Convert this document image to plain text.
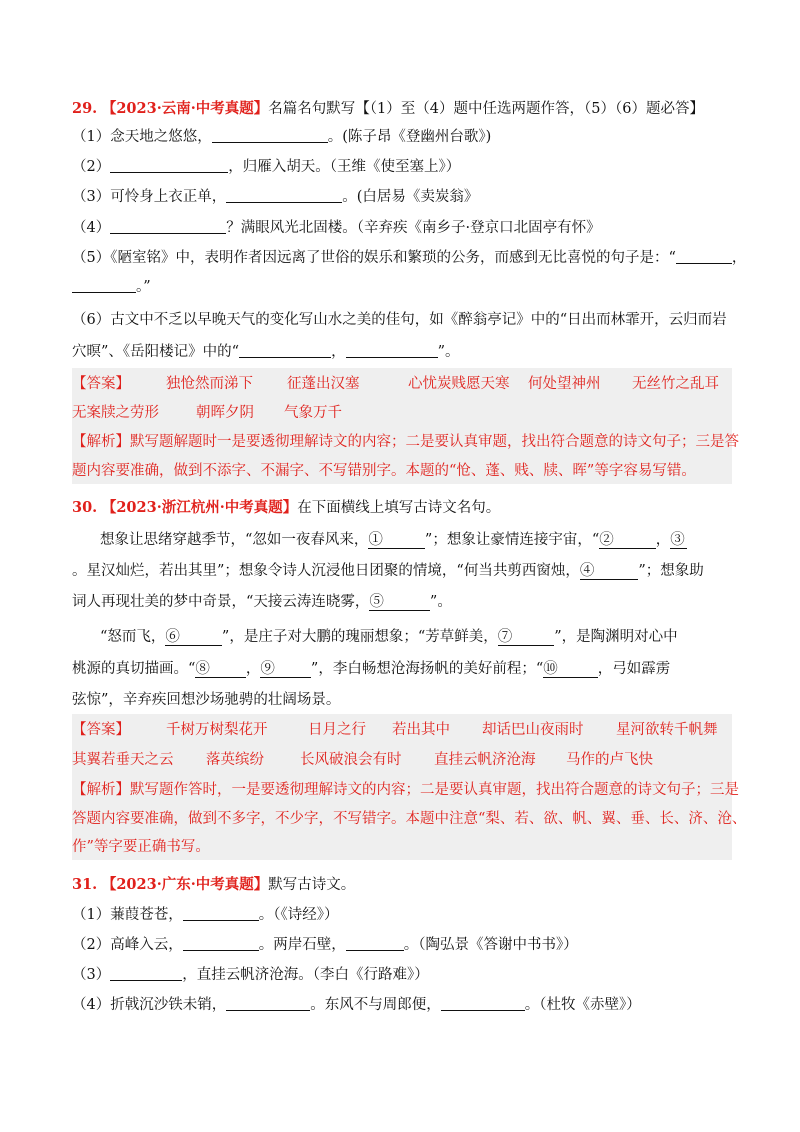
29. 【2023·云南·中考真题】名篇名句默写【（1）至（4）题中任选两题作答，（5）（6）题必答】
（1）念天地之悠悠，	。(陈子昂《登幽州台歌》)
（2）	，归雁入胡天。（王维《使至塞上》）
（3）可怜身上衣正单，	。(白居易《卖炭翁》
（4）	？满眼风光北固楼。（辛弃疾《南乡子·登京口北固亭有怀》
（5）《陋室铭》中，表明作者因远离了世俗的娱乐和繁琐的公务，而感到无比喜悦的句子是：“	，
。”
（6）古文中不乏以早晚天气的变化写山水之美的佳句，如《醉翁亭记》中的“日出而林霏开，云归而岩
穴暝”、《岳阳楼记》中的“	，	”。
【答案】 独怆然而涕下 征蓬出汉塞	心忧炭贱愿天寒 何处望神州 无丝竹之乱耳
无案牍之劳形	朝晖夕阴 气象万千
【解析】默写题解题时一是要透彻理解诗文的内容；二是要认真审题，找出符合题意的诗文句子；三是答
题内容要准确，做到不添字、不漏字、不写错别字。本题的“怆、蓬、贱、牍、晖”等字容易写错。
30. 【2023·浙江杭州·中考真题】在下面横线上填写古诗文名句。
想象让思绪穿越季节，“忽如一夜春风来，①	”；想象让豪情连接宇宙，“②	，③
。星汉灿烂，若出其里”；想象令诗人沉浸他日团聚的情境，“何当共剪西窗烛，④	”；想象助
词人再现壮美的梦中奇景，“天接云涛连晓雾，⑤	”。
“怒而飞，⑥	”，是庄子对大鹏的瑰丽想象；“芳草鲜美，⑦	”，是陶渊明对心中
桃源的真切描画。“⑧ ，⑨ ”，李白畅想沧海扬帆的美好前程；“⑩	，弓如霹雳
弦惊”，辛弃疾回想沙场驰骋的壮阔场景。
【答案】 千树万树梨花开	日月之行 若出其中 却话巴山夜雨时 星河欲转千帆舞
其翼若垂天之云 落英缤纷 长风破浪会有时 直挂云帆济沧海 马作的卢飞快
【解析】默写题作答时，一是要透彻理解诗文的内容；二是要认真审题，找出符合题意的诗文句子；三是
答题内容要准确，做到不多字，不少字，不写错字。本题中注意“梨、若、欲、帆、翼、垂、长、济、沧、
作”等字要正确书写。
31. 【2023·广东·中考真题】默写古诗文。
（1）蒹葭苍苍，	。（《诗经》）
（2）高峰入云，	。两岸石壁，	。（陶弘景《答谢中书书》）
（3）	，直挂云帆济沧海。（李白《行路难》）
（4）折戟沉沙铁未销，	。东风不与周郎便，	。（杜牧《赤壁》）
